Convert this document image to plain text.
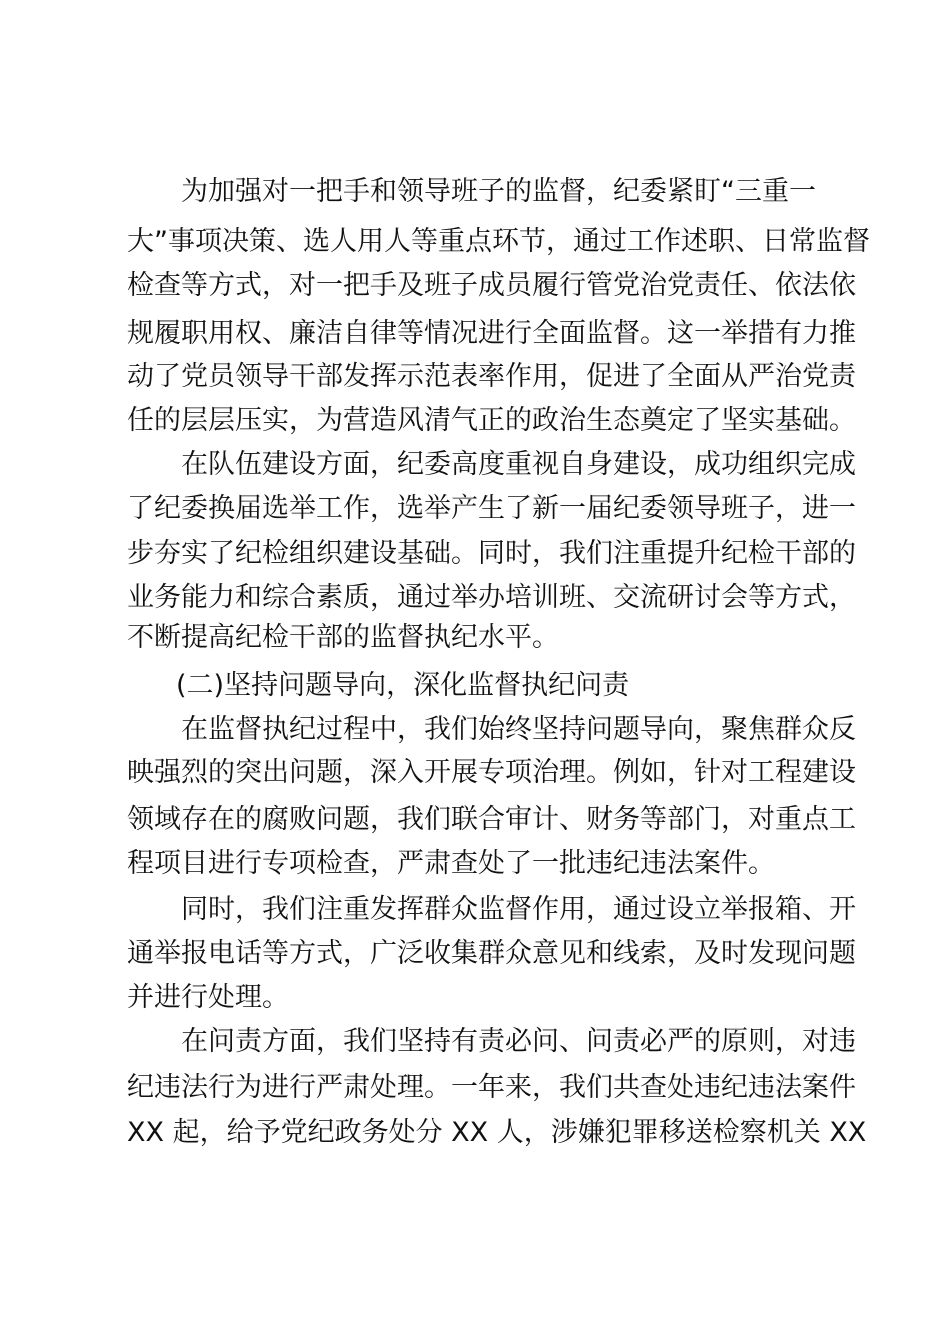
为加强对一把手和领导班子的监督，纪委紧盯“三重一
大”事项决策、选人用人等重点环节，通过工作述职、日常监督
检查等方式，对一把手及班子成员履行管党治党责任、依法依
规履职用权、廉洁自律等情况进行全面监督。这一举措有力推
动了党员领导干部发挥示范表率作用，促进了全面从严治党责
任的层层压实，为营造风清气正的政治生态奠定了坚实基础。
在队伍建设方面，纪委高度重视自身建设，成功组织完成
了纪委换届选举工作，选举产生了新一届纪委领导班子，进一
步夯实了纪检组织建设基础。同时，我们注重提升纪检干部的
业务能力和综合素质，通过举办培训班、交流研讨会等方式，
不断提高纪检干部的监督执纪水平。
(二)坚持问题导向，深化监督执纪问责
在监督执纪过程中，我们始终坚持问题导向，聚焦群众反
映强烈的突出问题，深入开展专项治理。例如，针对工程建设
领域存在的腐败问题，我们联合审计、财务等部门，对重点工
程项目进行专项检查，严肃查处了一批违纪违法案件。
同时，我们注重发挥群众监督作用，通过设立举报箱、开
通举报电话等方式，广泛收集群众意见和线索，及时发现问题
并进行处理。
在问责方面，我们坚持有责必问、问责必严的原则，对违
纪违法行为进行严肃处理。一年来，我们共查处违纪违法案件
XX 起，给予党纪政务处分 XX 人，涉嫌犯罪移送检察机关 XX
